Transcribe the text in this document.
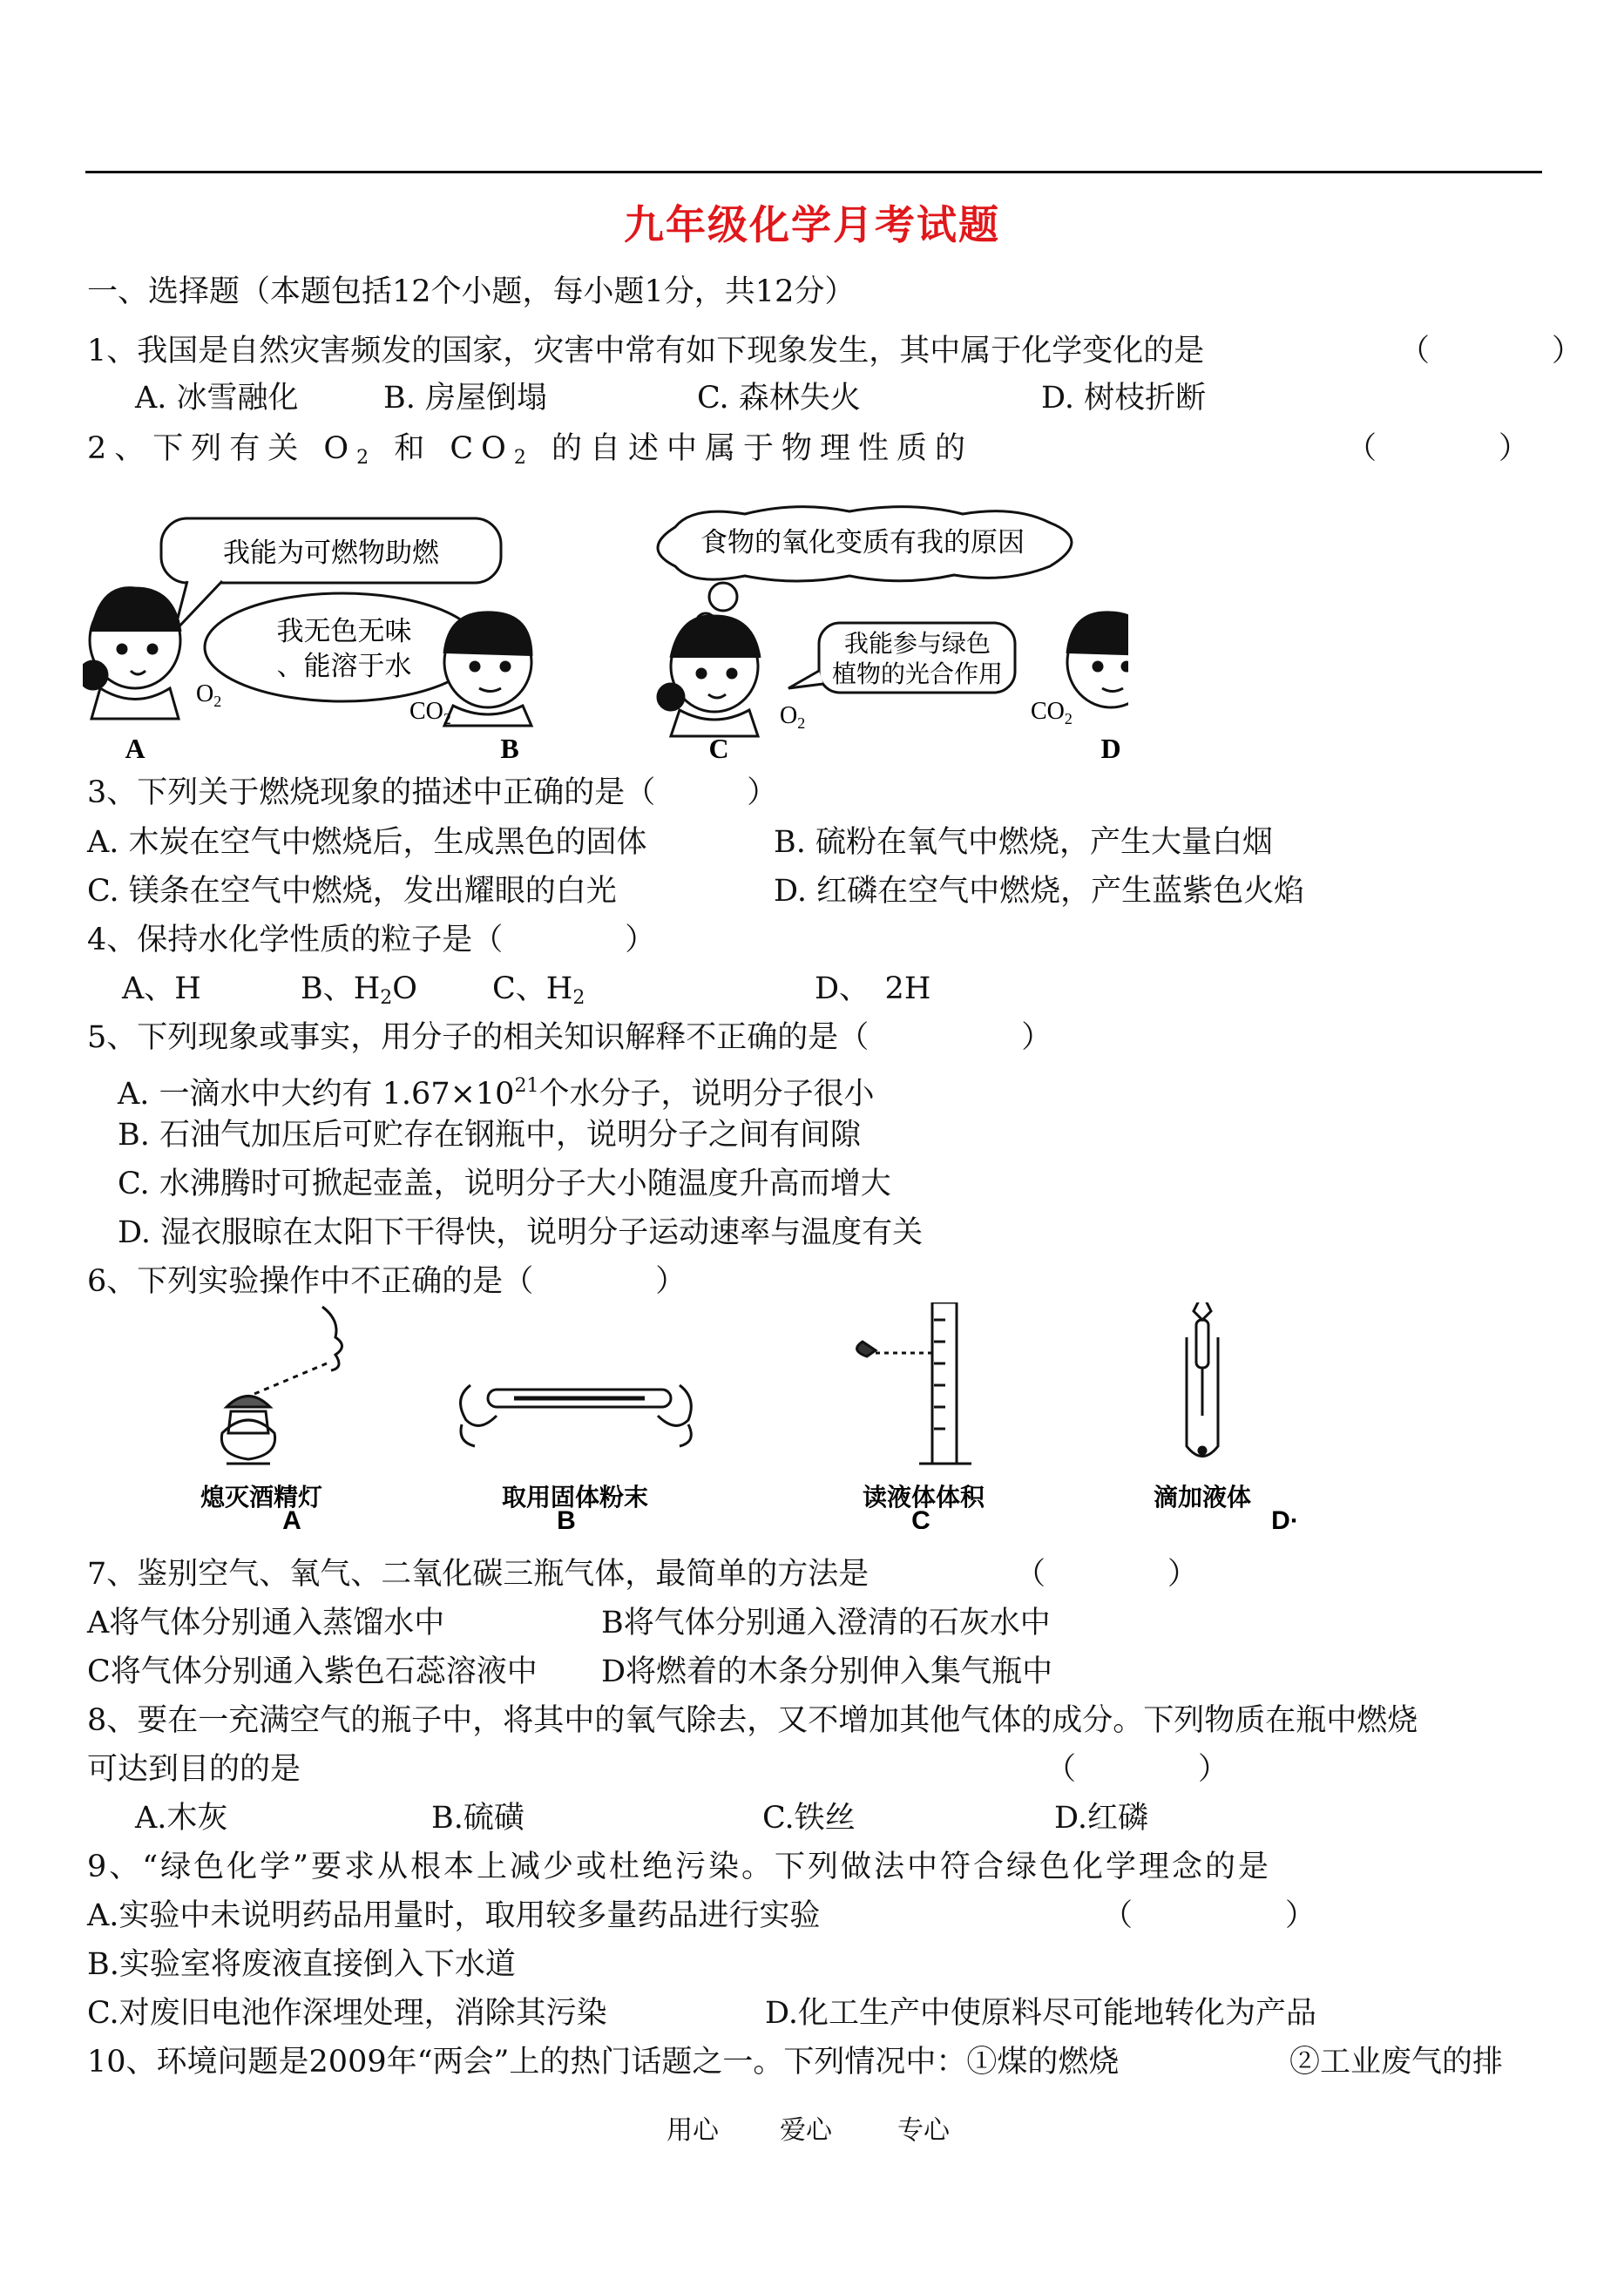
九年级化学月考试题
一、选择题（本题包括12个小题，每小题1分，共12分）
1、我国是自然灾害频发的国家，灾害中常有如下现象发生，其中属于化学变化的是	（　　　　）
A. 冰雪融化	B. 房屋倒塌	C. 森林失火	D. 树枝折断
2、下列有关 $O_2$ 和 $CO_2$ 的自述中属于物理性质的	（　　　　）
我能为可燃物助燃
我无色无味
、能溶于水
$O_2$	$CO_2$
食物的氧化变质有我的原因
我能参与绿色
植物的光合作用
$O_2$	$CO_2$
A	B	C	D
3、下列关于燃烧现象的描述中正确的是（　　　）
A. 木炭在空气中燃烧后，生成黑色的固体	B. 硫粉在氧气中燃烧，产生大量白烟
C. 镁条在空气中燃烧，发出耀眼的白光	D. 红磷在空气中燃烧，产生蓝紫色火焰
4、保持水化学性质的粒子是（　　　　）
A、H	B、$H_2O$ C、$H_2$	D、　2H
5、下列现象或事实，用分子的相关知识解释不正确的是（　　　　　）
A. 一滴水中大约有 $1.67\times 10^{21}$个水分子，说明分子很小
B. 石油气加压后可贮存在钢瓶中，说明分子之间有间隙
C. 水沸腾时可掀起壶盖，说明分子大小随温度升高而增大
D. 湿衣服晾在太阳下干得快，说明分子运动速率与温度有关
6、下列实验操作中不正确的是（　　　　）
熄灭酒精灯	取用固体粉末	读液体体积	滴加液体
A	B	C	D·
7、鉴别空气、氧气、二氧化碳三瓶气体，最简单的方法是	（　　　　）
A将气体分别通入蒸馏水中	B将气体分别通入澄清的石灰水中
C将气体分别通入紫色石蕊溶液中 D将燃着的木条分别伸入集气瓶中
8、要在一充满空气的瓶子中，将其中的氧气除去，又不增加其他气体的成分。下列物质在瓶中燃烧
可达到目的的是	（　　　　）
A.木灰	B.硫磺	C.铁丝	D.红磷
9、“绿色化学”要求从根本上减少或杜绝污染。下列做法中符合绿色化学理念的是
A.实验中未说明药品用量时，取用较多量药品进行实验	（　　　　　）
B.实验室将废液直接倒入下水道
C.对废旧电池作深埋处理，消除其污染	D.化工生产中使原料尽可能地转化为产品
10、环境问题是2009年“两会”上的热门话题之一。下列情况中：①煤的燃烧	②工业废气的排
用心 爱心	专心
